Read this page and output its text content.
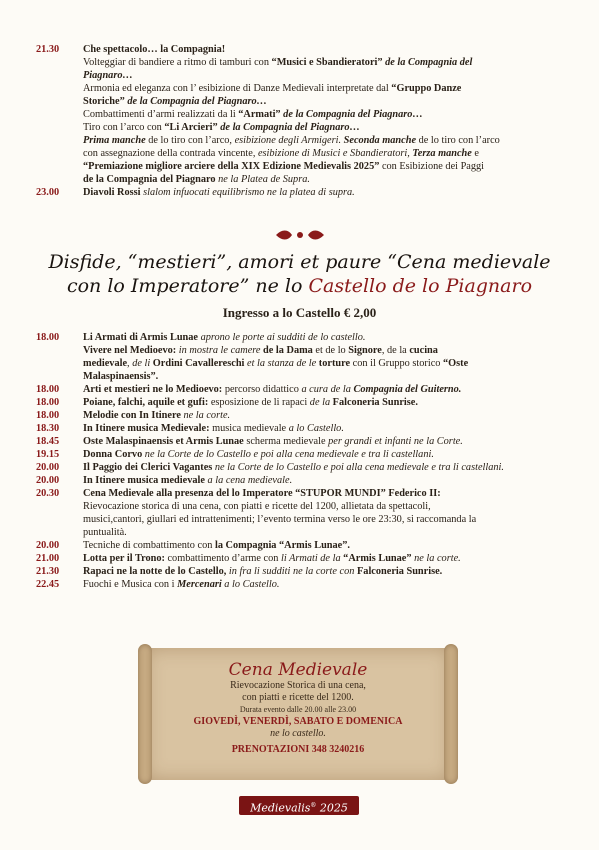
21.30	Che spettacolo… la Compagnia!
Volteggiar di bandiere a ritmo di tamburi con “Musici e Sbandieratori” de la Compagnia del
Piagnaro…
Armonia ed eleganza con l’ esibizione di Danze Medievali interpretate dal “Gruppo Danze
Storiche” de la Compagnia del Piagnaro…
Combattimenti d’armi realizzati da li “Armati” de la Compagnia del Piagnaro…
Tiro con l’arco con “Li Arcieri” de la Compagnia del Piagnaro…
Prima manche de lo tiro con l’arco, esibizione degli Armigeri. Seconda manche de lo tiro con l’arco
con assegnazione della contrada vincente, esibizione di Musici e Sbandieratori, Terza manche e
“Premiazione migliore arciere della XIX Edizione Medievalis 2025” con Esibizione dei Paggi
de la Compagnia del Piagnaro ne la Platea de Supra.
23.00	Diavoli Rossi slalom infuocati equilibrismo ne la platea di supra.
Disfide, “mestieri”, amori et paure “Cena medievale
con lo Imperatore” ne lo Castello de lo Piagnaro
Ingresso a lo Castello € 2,00
18.00	Li Armati di Armis Lunae aprono le porte ai sudditi de lo castello.
Vivere nel Medioevo: in mostra le camere de la Dama et de lo Signore, de la cucina
medievale, de li Ordini Cavallereschi et la stanza de le torture con il Gruppo storico “Oste
Malaspinaensis”.
18.00	Arti et mestieri ne lo Medioevo: percorso didattico a cura de la Compagnia del Guiterno.
18.00	Poiane, falchi, aquile et gufi: esposizione de li rapaci de la Falconeria Sunrise.
18.00	Melodie con In Itinere ne la corte.
18.30	In Itinere musica Medievale: musica medievale a lo Castello.
18.45	Oste Malaspinaensis et Armis Lunae scherma medievale per grandi et infanti ne la Corte.
19.15	Donna Corvo ne la Corte de lo Castello e poi alla cena medievale e tra li castellani.
20.00	Il Paggio dei Clerici Vagantes ne la Corte de lo Castello e poi alla cena medievale e tra li castellani.
20.00	In Itinere musica medievale a la cena medievale.
20.30	Cena Medievale alla presenza del lo Imperatore “STUPOR MUNDI” Federico II:
Rievocazione storica di una cena, con piatti e ricette del 1200, allietata da spettacoli,
musici,cantori, giullari ed intrattenimenti; l’evento termina verso le ore 23:30, si raccomanda la
puntualità.
20.00	Tecniche di combattimento con la Compagnia “Armis Lunae”.
21.00	Lotta per il Trono: combattimento d’arme con li Armati de la “Armis Lunae” ne la corte.
21.30	Rapaci ne la notte de lo Castello, in fra li sudditi ne la corte con Falconeria Sunrise.
22.45	Fuochi e Musica con i Mercenari a lo Castello.
Cena Medievale
Rievocazione Storica di una cena,
con piatti e ricette del 1200.
Durata evento dalle 20.00 alle 23.00
GIOVEDÌ, VENERDÌ, SABATO E DOMENICA
ne lo castello.
PRENOTAZIONI 348 3240216
Medievalis® 2025
